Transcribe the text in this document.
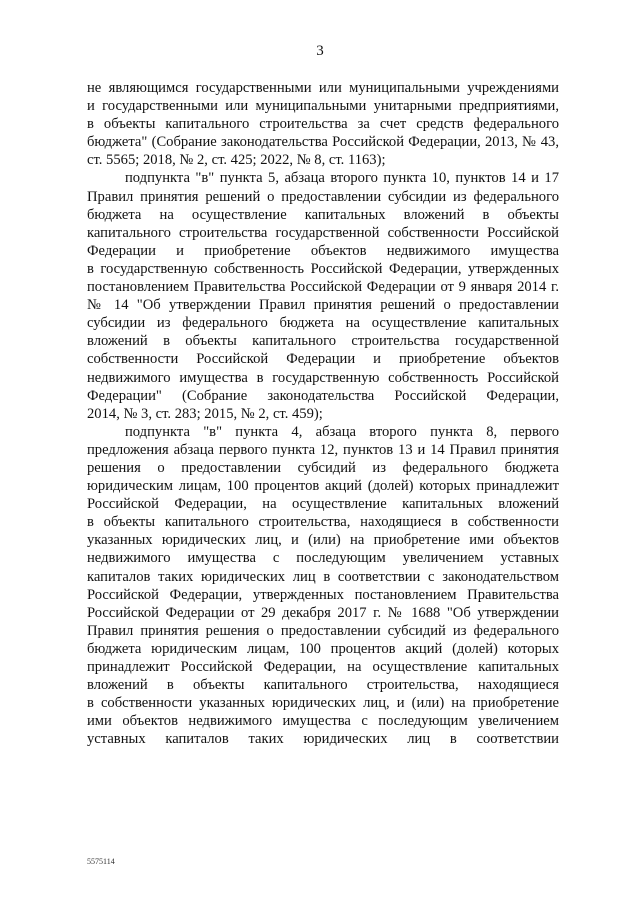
3
не являющимся государственными или муниципальными учреждениями
и государственными или муниципальными унитарными предприятиями,
в объекты капитального строительства за счет средств федерального
бюджета" (Собрание законодательства Российской Федерации, 2013, № 43,
ст. 5565; 2018, № 2, ст. 425; 2022, № 8, ст. 1163);
подпункта "в" пункта 5, абзаца второго пункта 10, пунктов 14 и 17
Правил принятия решений о предоставлении субсидии из федерального
бюджета на осуществление капитальных вложений в объекты
капитального строительства государственной собственности Российской
Федерации и приобретение объектов недвижимого имущества
в государственную собственность Российской Федерации, утвержденных
постановлением Правительства Российской Федерации от 9 января 2014 г.
№ 14 "Об утверждении Правил принятия решений о предоставлении
субсидии из федерального бюджета на осуществление капитальных
вложений в объекты капитального строительства государственной
собственности Российской Федерации и приобретение объектов
недвижимого имущества в государственную собственность Российской
Федерации" (Собрание законодательства Российской Федерации,
2014, № 3, ст. 283; 2015, № 2, ст. 459);
подпункта "в" пункта 4, абзаца второго пункта 8, первого
предложения абзаца первого пункта 12, пунктов 13 и 14 Правил принятия
решения о предоставлении субсидий из федерального бюджета
юридическим лицам, 100 процентов акций (долей) которых принадлежит
Российской Федерации, на осуществление капитальных вложений
в объекты капитального строительства, находящиеся в собственности
указанных юридических лиц, и (или) на приобретение ими объектов
недвижимого имущества с последующим увеличением уставных
капиталов таких юридических лиц в соответствии с законодательством
Российской Федерации, утвержденных постановлением Правительства
Российской Федерации от 29 декабря 2017 г. № 1688 "Об утверждении
Правил принятия решения о предоставлении субсидий из федерального
бюджета юридическим лицам, 100 процентов акций (долей) которых
принадлежит Российской Федерации, на осуществление капитальных
вложений в объекты капитального строительства, находящиеся
в собственности указанных юридических лиц, и (или) на приобретение
ими объектов недвижимого имущества с последующим увеличением
уставных капиталов таких юридических лиц в соответствии
5575114
